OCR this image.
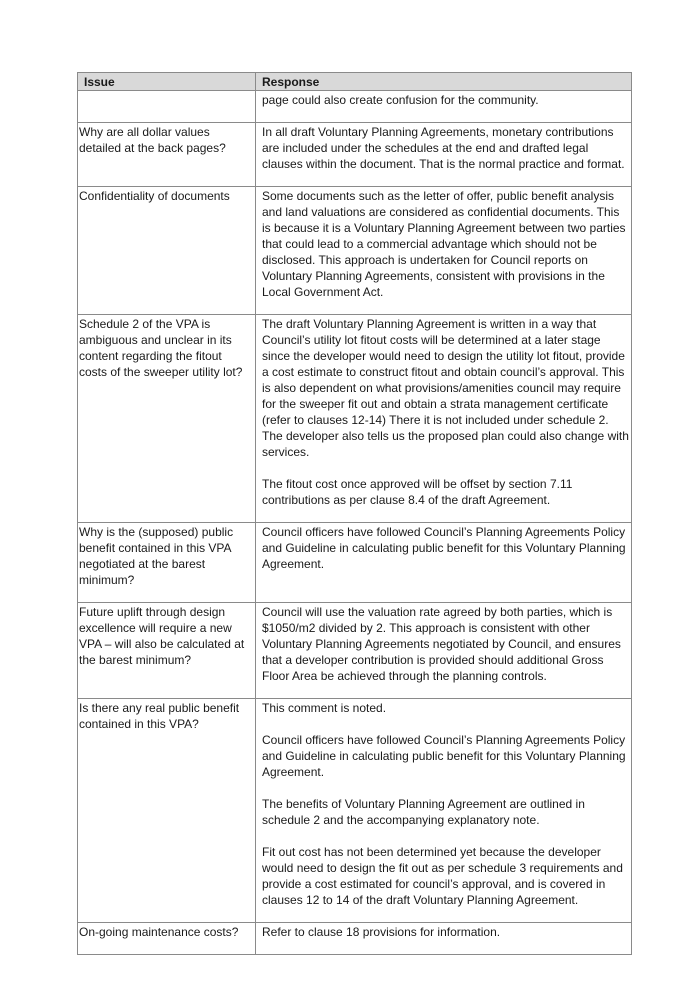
Issue	Response

	page could also create confusion for the community.

Why are all dollar values detailed at the back pages?	In all draft Voluntary Planning Agreements, monetary contributions are included under the schedules at the end and drafted legal clauses within the document. That is the normal practice and format.

Confidentiality of documents	Some documents such as the letter of offer, public benefit analysis and land valuations are considered as confidential documents. This is because it is a Voluntary Planning Agreement between two parties that could lead to a commercial advantage which should not be disclosed. This approach is undertaken for Council reports on Voluntary Planning Agreements, consistent with provisions in the Local Government Act.

Schedule 2 of the VPA is ambiguous and unclear in its content regarding the fitout costs of the sweeper utility lot?	The draft Voluntary Planning Agreement is written in a way that Council’s utility lot fitout costs will be determined at a later stage since the developer would need to design the utility lot fitout, provide a cost estimate to construct fitout and obtain council’s approval. This is also dependent on what provisions/amenities council may require for the sweeper fit out and obtain a strata management certificate (refer to clauses 12-14) There it is not included under schedule 2. The developer also tells us the proposed plan could also change with services.

The fitout cost once approved will be offset by section 7.11 contributions as per clause 8.4 of the draft Agreement.

Why is the (supposed) public benefit contained in this VPA negotiated at the barest minimum?	Council officers have followed Council’s Planning Agreements Policy and Guideline in calculating public benefit for this Voluntary Planning Agreement.

Future uplift through design excellence will require a new VPA – will also be calculated at the barest minimum?	Council will use the valuation rate agreed by both parties, which is $1050/m2 divided by 2. This approach is consistent with other Voluntary Planning Agreements negotiated by Council, and ensures that a developer contribution is provided should additional Gross Floor Area be achieved through the planning controls.

Is there any real public benefit contained in this VPA?	This comment is noted.

Council officers have followed Council’s Planning Agreements Policy and Guideline in calculating public benefit for this Voluntary Planning Agreement.

The benefits of Voluntary Planning Agreement are outlined in schedule 2 and the accompanying explanatory note.

Fit out cost has not been determined yet because the developer would need to design the fit out as per schedule 3 requirements and provide a cost estimated for council’s approval, and is covered in clauses 12 to 14 of the draft Voluntary Planning Agreement.

On-going maintenance costs?	Refer to clause 18 provisions for information.
